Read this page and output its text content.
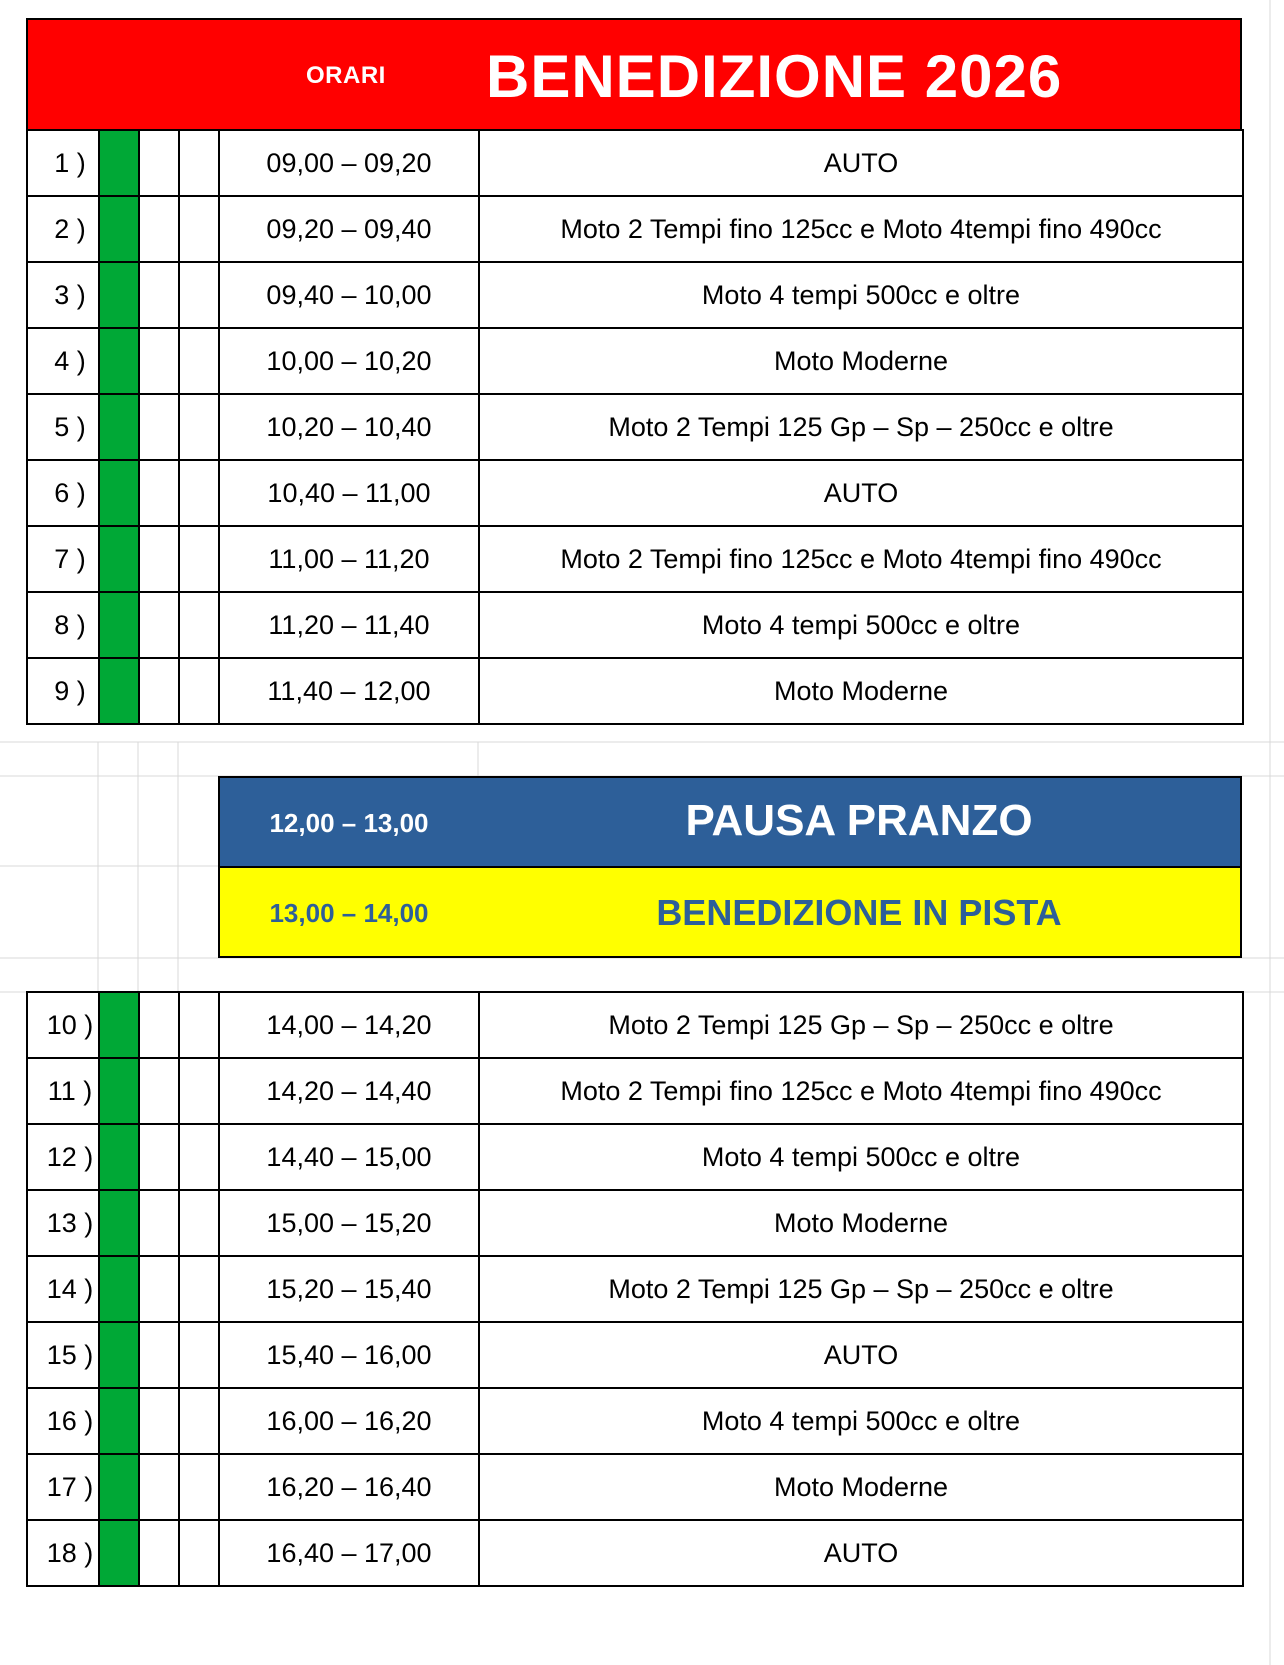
ORARI BENEDIZIONE 2026
1 )				09,00 – 09,20	AUTO
2 )				09,20 – 09,40	Moto 2 Tempi fino 125cc e Moto 4tempi fino 490cc
3 )				09,40 – 10,00	Moto 4 tempi 500cc e oltre
4 )				10,00 – 10,20	Moto Moderne
5 )				10,20 – 10,40	Moto 2 Tempi 125 Gp – Sp – 250cc e oltre
6 )				10,40 – 11,00	AUTO
7 )				11,00 – 11,20	Moto 2 Tempi fino 125cc e Moto 4tempi fino 490cc
8 )				11,20 – 11,40	Moto 4 tempi 500cc e oltre
9 )				11,40 – 12,00	Moto Moderne
12,00 – 13,00	PAUSA PRANZO
13,00 – 14,00	BENEDIZIONE IN PISTA
10 )				14,00 – 14,20	Moto 2 Tempi 125 Gp – Sp – 250cc e oltre
11 )				14,20 – 14,40	Moto 2 Tempi fino 125cc e Moto 4tempi fino 490cc
12 )				14,40 – 15,00	Moto 4 tempi 500cc e oltre
13 )				15,00 – 15,20	Moto Moderne
14 )				15,20 – 15,40	Moto 2 Tempi 125 Gp – Sp – 250cc e oltre
15 )				15,40 – 16,00	AUTO
16 )				16,00 – 16,20	Moto 4 tempi 500cc e oltre
17 )				16,20 – 16,40	Moto Moderne
18 )				16,40 – 17,00	AUTO
